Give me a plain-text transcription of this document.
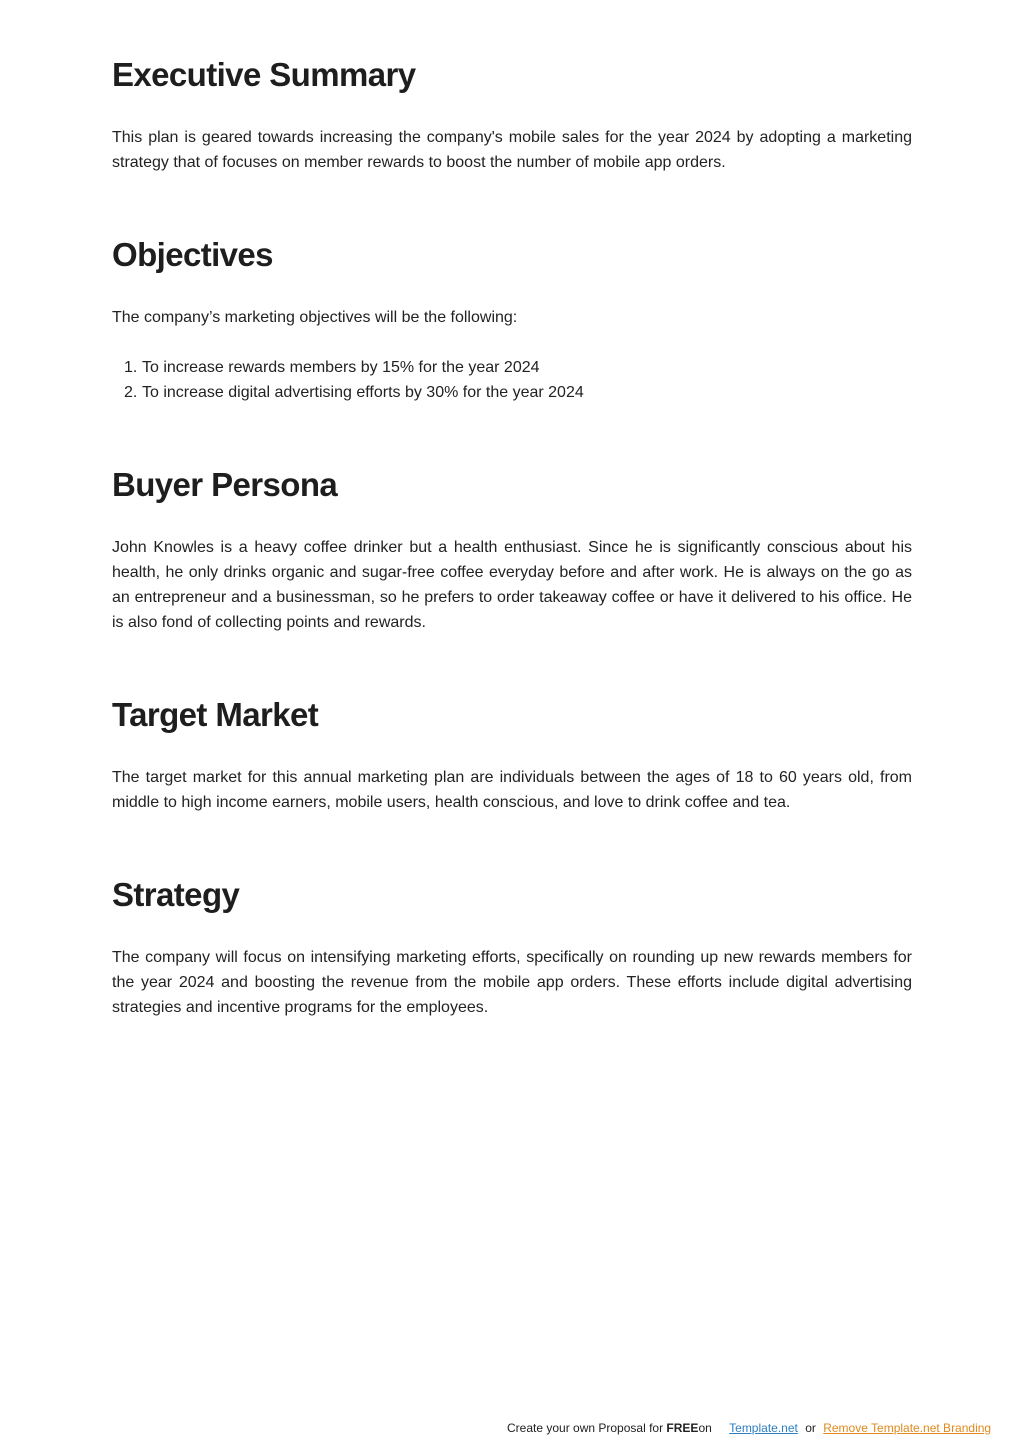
Executive Summary

This plan is geared towards increasing the company's mobile sales for the year 2024 by adopting a marketing strategy that of focuses on member rewards to boost the number of mobile app orders.

Objectives

The company’s marketing objectives will be the following:

1. To increase rewards members by 15% for the year 2024
2. To increase digital advertising efforts by 30% for the year 2024
Buyer Persona

John Knowles is a heavy coffee drinker but a health enthusiast. Since he is significantly conscious about his health, he only drinks organic and sugar-free coffee everyday before and after work. He is always on the go as an entrepreneur and a businessman, so he prefers to order takeaway coffee or have it delivered to his office. He is also fond of collecting points and rewards.

Target Market

The target market for this annual marketing plan are individuals between the ages of 18 to 60 years old, from middle to high income earners, mobile users, health conscious, and love to drink coffee and tea.

Strategy

The company will focus on intensifying marketing efforts, specifically on rounding up new rewards members for the year 2024 and boosting the revenue from the mobile app orders. These efforts include digital advertising strategies and incentive programs for the employees.

Create your own Proposal for FREEon Template.net or Remove Template.net Branding
